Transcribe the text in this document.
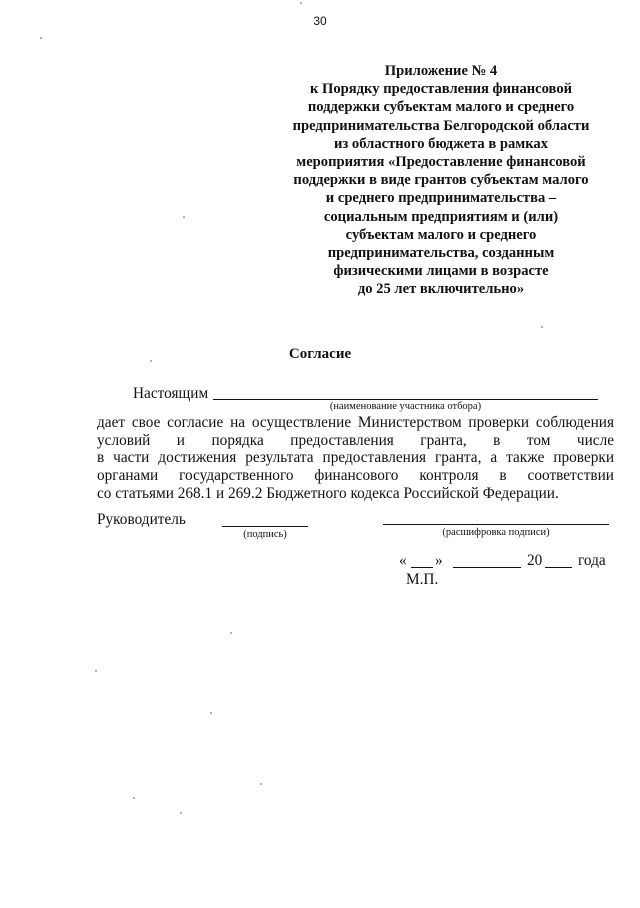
30
Приложение № 4
к Порядку предоставления финансовой
поддержки субъектам малого и среднего
предпринимательства Белгородской области
из областного бюджета в рамках
мероприятия «Предоставление финансовой
поддержки в виде грантов субъектам малого
и среднего предпринимательства –
социальным предприятиям и (или)
субъектам малого и среднего
предпринимательства, созданным
физическими лицами в возрасте
до 25 лет включительно»
Согласие
Настоящим
(наименование участника отбора)
дает свое согласие на осуществление Министерством проверки соблюдения
условий и порядка предоставления гранта, в том числе
в части достижения результата предоставления гранта, а также проверки
органами государственного финансового контроля в соответствии
со статьями 268.1 и 269.2 Бюджетного кодекса Российской Федерации.
Руководитель
(подпись)	(расшифровка подписи)
« »	20 года
М.П.
